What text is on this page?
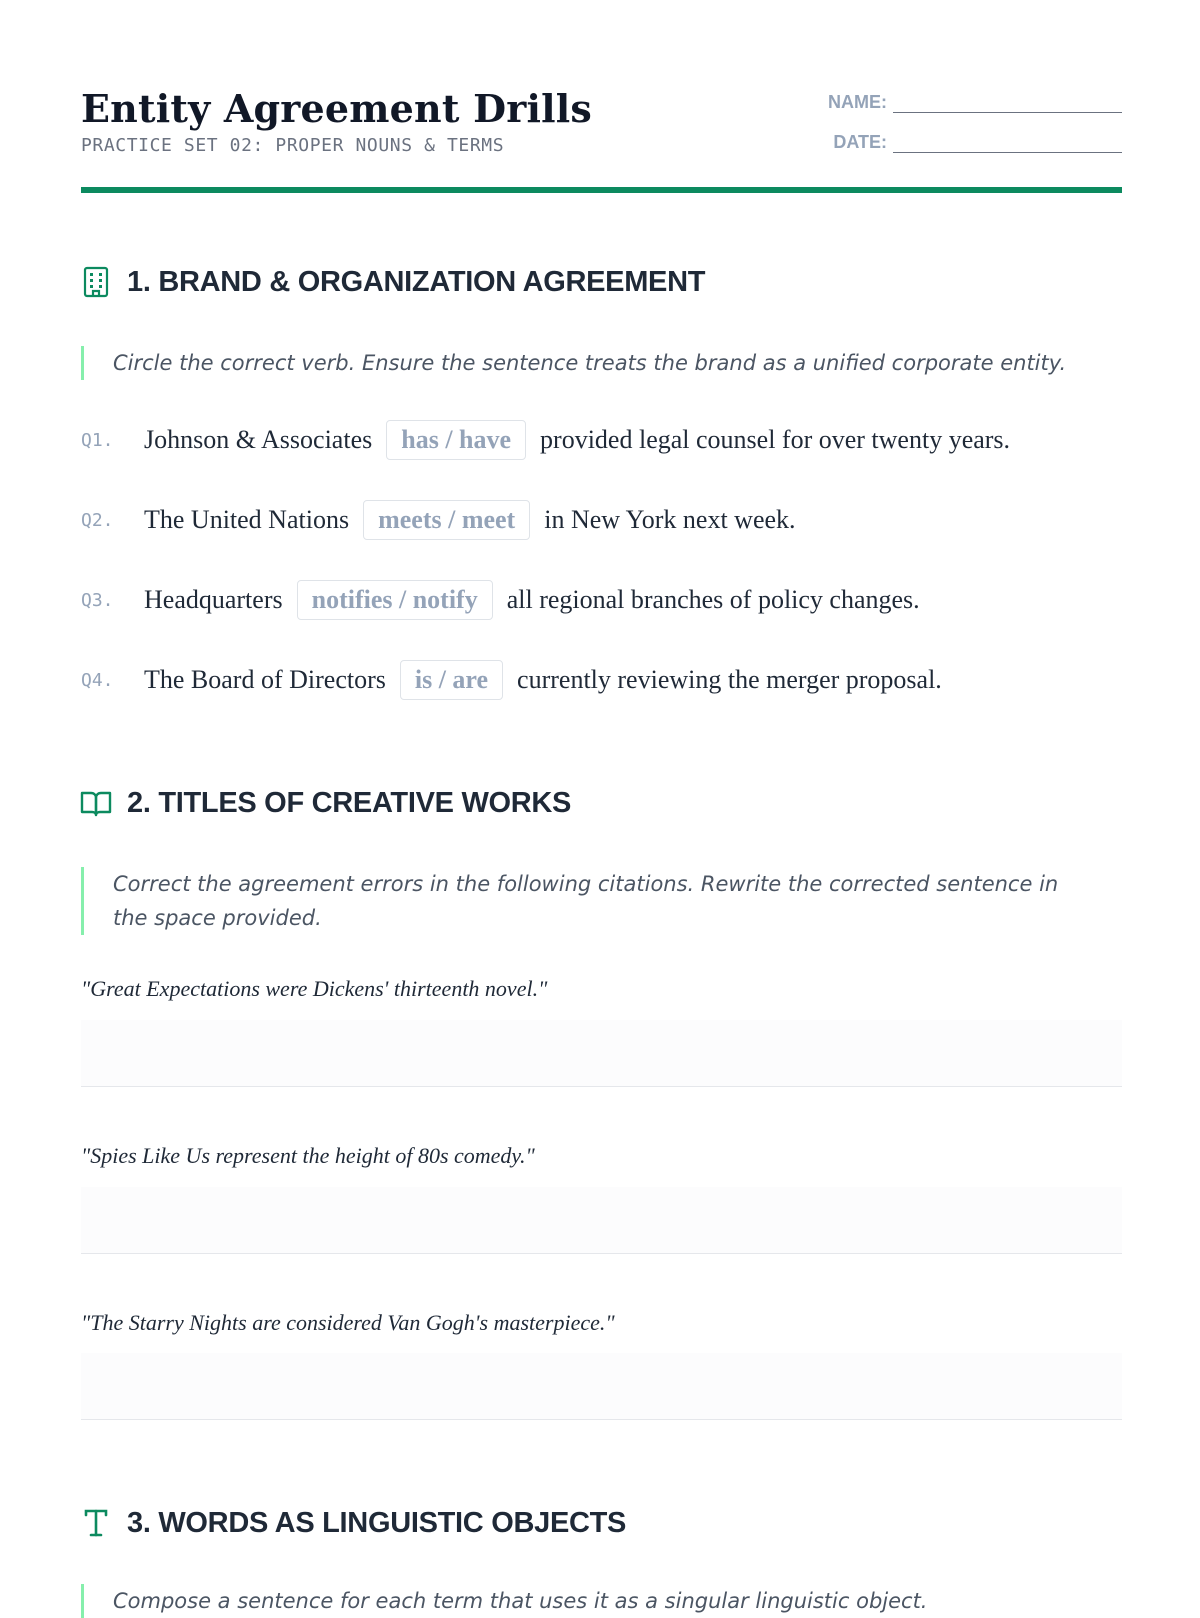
Entity Agreement Drills
PRACTICE SET 02: PROPER NOUNS & TERMS
NAME:
DATE:
1. BRAND & ORGANIZATION AGREEMENT
Circle the correct verb. Ensure the sentence treats the brand as a unified corporate entity.
Q1.	Johnson & Associates	has / have	provided legal counsel for over twenty years.
Q2.	The United Nations	meets / meet	in New York next week.
Q3.	Headquarters	notifies / notify	all regional branches of policy changes.
Q4.	The Board of Directors	is / are	currently reviewing the merger proposal.
2. TITLES OF CREATIVE WORKS
Correct the agreement errors in the following citations. Rewrite the corrected sentence in
the space provided.
"Great Expectations were Dickens' thirteenth novel."
"Spies Like Us represent the height of 80s comedy."
"The Starry Nights are considered Van Gogh's masterpiece."
3. WORDS AS LINGUISTIC OBJECTS
Compose a sentence for each term that uses it as a singular linguistic object.
